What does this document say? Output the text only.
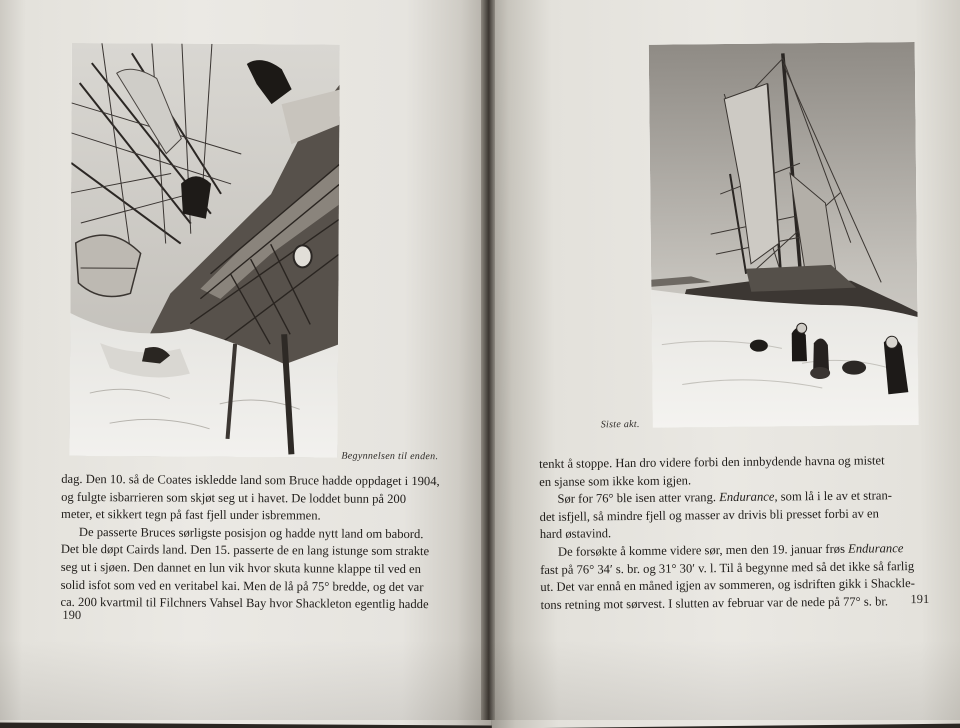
Begynnelsen til enden.

dag. Den 10. så de Coates iskledde land som Bruce hadde oppdaget i 1904,
og fulgte isbarrieren som skjøt seg ut i havet. De loddet bunn på 200
meter, et sikkert tegn på fast fjell under isbremmen.

De passerte Bruces sørligste posisjon og hadde nytt land om babord.
Det ble døpt Cairds land. Den 15. passerte de en lang istunge som strakte
seg ut i sjøen. Den dannet en lun vik hvor skuta kunne klappe til ved en
solid isfot som ved en veritabel kai. Men de lå på 75° bredde, og det var
ca. 200 kvartmil til Filchners Vahsel Bay hvor Shackleton egentlig hadde

190
Siste akt.

tenkt å stoppe. Han dro videre forbi den innbydende havna og mistet
en sjanse som ikke kom igjen.

Sør for 76° ble isen atter vrang. Endurance, som lå i le av et stran-
det isfjell, så mindre fjell og masser av drivis bli presset forbi av en
hard østavind.

De forsøkte å komme videre sør, men den 19. januar frøs Endurance
fast på 76° 34′ s. br. og 31° 30′ v. l. Til å begynne med så det ikke så farlig
ut. Det var ennå en måned igjen av sommeren, og isdriften gikk i Shackle-
tons retning mot sørvest. I slutten av februar var de nede på 77° s. br.	191
